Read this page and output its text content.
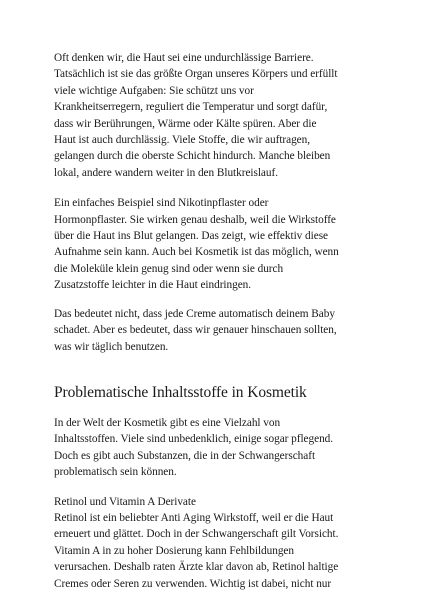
Oft denken wir, die Haut sei eine undurchlässige Barriere.
Tatsächlich ist sie das größte Organ unseres Körpers und erfüllt
viele wichtige Aufgaben: Sie schützt uns vor
Krankheitserregern, reguliert die Temperatur und sorgt dafür,
dass wir Berührungen, Wärme oder Kälte spüren. Aber die
Haut ist auch durchlässig. Viele Stoffe, die wir auftragen,
gelangen durch die oberste Schicht hindurch. Manche bleiben
lokal, andere wandern weiter in den Blutkreislauf.

Ein einfaches Beispiel sind Nikotinpflaster oder
Hormonpflaster. Sie wirken genau deshalb, weil die Wirkstoffe
über die Haut ins Blut gelangen. Das zeigt, wie effektiv diese
Aufnahme sein kann. Auch bei Kosmetik ist das möglich, wenn
die Moleküle klein genug sind oder wenn sie durch
Zusatzstoffe leichter in die Haut eindringen.

Das bedeutet nicht, dass jede Creme automatisch deinem Baby
schadet. Aber es bedeutet, dass wir genauer hinschauen sollten,
was wir täglich benutzen.

Problematische Inhaltsstoffe in Kosmetik

In der Welt der Kosmetik gibt es eine Vielzahl von
Inhaltsstoffen. Viele sind unbedenklich, einige sogar pflegend.
Doch es gibt auch Substanzen, die in der Schwangerschaft
problematisch sein können.

Retinol und Vitamin A Derivate

Retinol ist ein beliebter Anti Aging Wirkstoff, weil er die Haut
erneuert und glättet. Doch in der Schwangerschaft gilt Vorsicht.
Vitamin A in zu hoher Dosierung kann Fehlbildungen
verursachen. Deshalb raten Ärzte klar davon ab, Retinol haltige
Cremes oder Seren zu verwenden. Wichtig ist dabei, nicht nur
